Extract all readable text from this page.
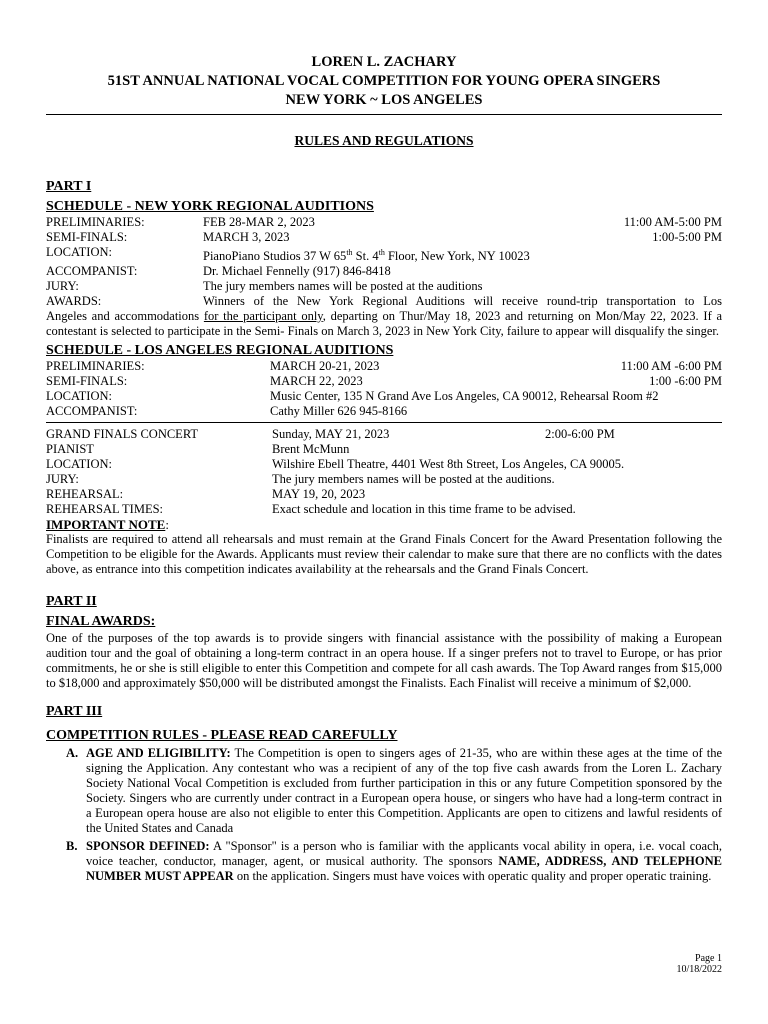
LOREN L. ZACHARY
51ST ANNUAL NATIONAL VOCAL COMPETITION FOR YOUNG OPERA SINGERS
NEW YORK ~ LOS ANGELES
RULES AND REGULATIONS
PART I
SCHEDULE - NEW YORK REGIONAL AUDITIONS
PRELIMINARIES:	FEB 28-MAR 2, 2023	11:00 AM-5:00 PM
SEMI-FINALS:	MARCH 3, 2023	1:00-5:00 PM
LOCATION:	PianoPiano Studios 37 W 65th St. 4th Floor, New York, NY 10023
ACCOMPANIST:	Dr. Michael Fennelly (917) 846-8418
JURY:	The jury members names will be posted at the auditions
AWARDS:	Winners of the New York Regional Auditions will receive round-trip transportation to Los
Angeles and accommodations for the participant only, departing on Thur/May 18, 2023 and returning on Mon/May 22, 2023. If a contestant is selected to participate in the Semi- Finals on March 3, 2023 in New York City, failure to appear will disqualify the singer.
SCHEDULE - LOS ANGELES REGIONAL AUDITIONS
PRELIMINARIES:	MARCH 20-21, 2023	11:00 AM -6:00 PM
SEMI-FINALS:	MARCH 22, 2023	1:00 -6:00 PM
LOCATION:	Music Center, 135 N Grand Ave Los Angeles, CA 90012, Rehearsal Room #2
ACCOMPANIST:	Cathy Miller 626 945-8166
GRAND FINALS CONCERT	Sunday, MAY 21, 2023	2:00-6:00 PM
PIANIST	Brent McMunn
LOCATION:	Wilshire Ebell Theatre, 4401 West 8th Street, Los Angeles, CA 90005.
JURY:	The jury members names will be posted at the auditions.
REHEARSAL:	MAY 19, 20, 2023
REHEARSAL TIMES:	Exact schedule and location in this time frame to be advised.
IMPORTANT NOTE:
Finalists are required to attend all rehearsals and must remain at the Grand Finals Concert for the Award Presentation following the Competition to be eligible for the Awards. Applicants must review their calendar to make sure that there are no conflicts with the dates above, as entrance into this competition indicates availability at the rehearsals and the Grand Finals Concert.
PART II
FINAL AWARDS:
One of the purposes of the top awards is to provide singers with financial assistance with the possibility of making a European audition tour and the goal of obtaining a long-term contract in an opera house. If a singer prefers not to travel to Europe, or has prior commitments, he or she is still eligible to enter this Competition and compete for all cash awards. The Top Award ranges from $15,000 to $18,000 and approximately $50,000 will be distributed amongst the Finalists. Each Finalist will receive a minimum of $2,000.
PART III
COMPETITION RULES - PLEASE READ CAREFULLY
A. AGE AND ELIGIBILITY: The Competition is open to singers ages of 21-35, who are within these ages at the time of the signing the Application. Any contestant who was a recipient of any of the top five cash awards from the Loren L. Zachary Society National Vocal Competition is excluded from further participation in this or any future Competition sponsored by the Society. Singers who are currently under contract in a European opera house, or singers who have had a long-term contract in a European opera house are also not eligible to enter this Competition. Applicants are open to citizens and lawful residents of the United States and Canada
B. SPONSOR DEFINED: A "Sponsor" is a person who is familiar with the applicants vocal ability in opera, i.e. vocal coach, voice teacher, conductor, manager, agent, or musical authority. The sponsors NAME, ADDRESS, AND TELEPHONE NUMBER MUST APPEAR on the application. Singers must have voices with operatic quality and proper operatic training.
Page 1
10/18/2022
